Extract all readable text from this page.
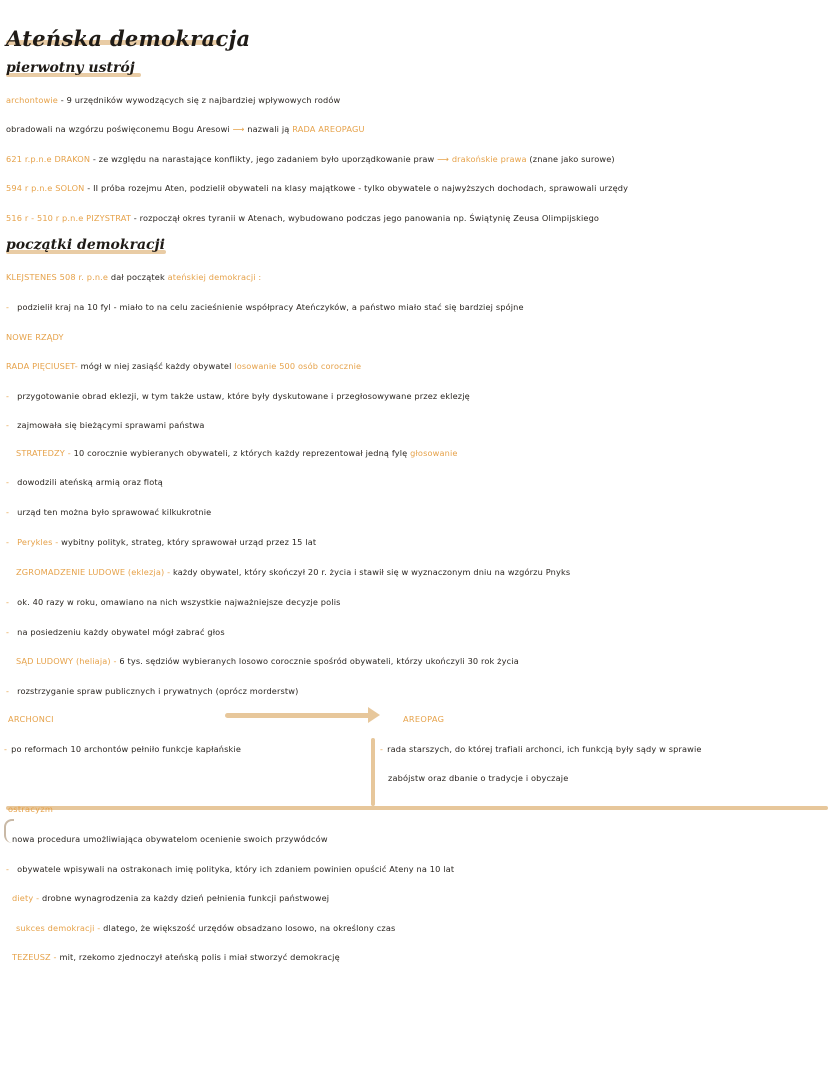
Ateńska demokracja
pierwotny ustrój
archontowie - 9 urzędników wywodzących się z najbardziej wpływowych rodów
obradowali na wzgórzu poświęconemu Bogu Aresowi ⟶ nazwali ją RADA AREOPAGU
621 r.p.n.e DRAKON - ze względu na narastające konflikty, jego zadaniem było uporządkowanie praw ⟶ drakońskie prawa (znane jako surowe)
594 r p.n.e SOLON - II próba rozejmu Aten, podzielił obywateli na klasy majątkowe - tylko obywatele o najwyższych dochodach, sprawowali urzędy
516 r - 510 r p.n.e PIZYSTRAT - rozpoczął okres tyranii w Atenach, wybudowano podczas jego panowania np. Świątynię Zeusa Olimpijskiego
początki demokracji
KLEJSTENES 508 r. p.n.e dał początek ateńskiej demokracji :
- podzielił kraj na 10 fyl - miało to na celu zacieśnienie współpracy Ateńczyków, a państwo miało stać się bardziej spójne
NOWE RZĄDY
RADA PIĘCIUSET- mógł w niej zasiąść każdy obywatel losowanie 500 osób corocznie
- przygotowanie obrad eklezji, w tym także ustaw, które były dyskutowane i przegłosowywane przez eklezję
- zajmowała się bieżącymi sprawami państwa
STRATEDZY - 10 corocznie wybieranych obywateli, z których każdy reprezentował jedną fylę głosowanie
- dowodzili ateńską armią oraz flotą
- urząd ten można było sprawować kilkukrotnie
- Perykles - wybitny polityk, strateg, który sprawował urząd przez 15 lat
ZGROMADZENIE LUDOWE (eklezja) - każdy obywatel, który skończył 20 r. życia i stawił się w wyznaczonym dniu na wzgórzu Pnyks
- ok. 40 razy w roku, omawiano na nich wszystkie najważniejsze decyzje polis
- na posiedzeniu każdy obywatel mógł zabrać głos
SĄD LUDOWY (heliaja) - 6 tys. sędziów wybieranych losowo corocznie spośród obywateli, którzy ukończyli 30 rok życia
- rozstrzyganie spraw publicznych i prywatnych (oprócz morderstw)
ARCHONCI	AREOPAG
- po reformach 10 archontów pełniło funkcje kapłańskie	- rada starszych, do której trafiali archonci, ich funkcją były sądy w sprawie
zabójstw oraz dbanie o tradycje i obyczaje
ostracyzm
nowa procedura umożliwiająca obywatelom ocenienie swoich przywódców
- obywatele wpisywali na ostrakonach imię polityka, który ich zdaniem powinien opuścić Ateny na 10 lat
diety - drobne wynagrodzenia za każdy dzień pełnienia funkcji państwowej
sukces demokracji - dlatego, że większość urzędów obsadzano losowo, na określony czas
TEZEUSZ - mit, rzekomo zjednoczył ateńską polis i miał stworzyć demokrację
